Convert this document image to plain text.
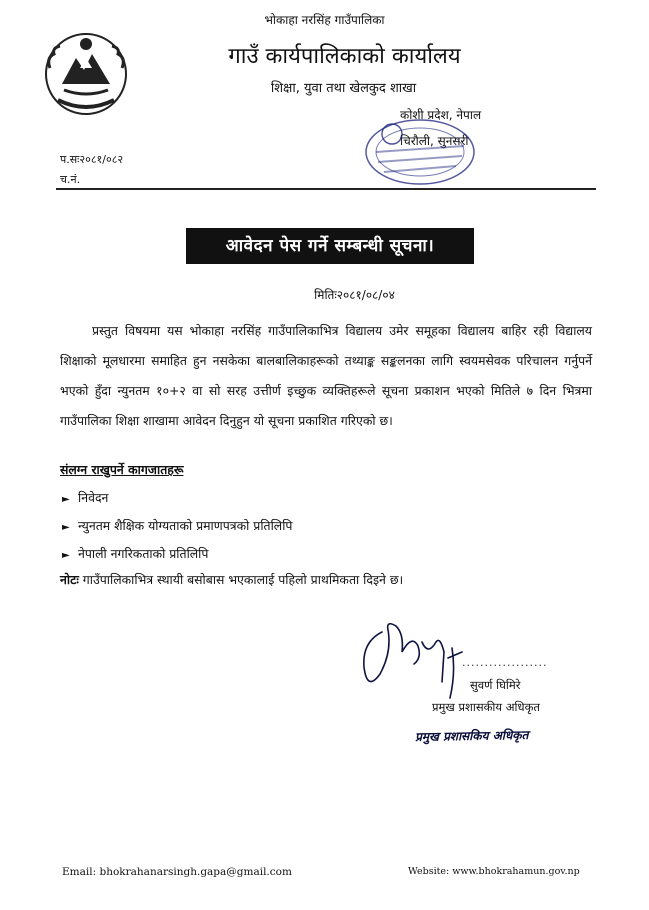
भोकाहा नरसिंह गाउँपालिका
गाउँ कार्यपालिकाको कार्यालय
शिक्षा, युवा तथा खेलकुद शाखा
कोशी प्रदेश, नेपाल
चिरौली, सुनसरी
प.सः२०८१/०८२
च.नं.
आवेदन पेस गर्ने सम्बन्धी सूचना।
मितिः२०८१/०८/०४
प्रस्तुत विषयमा यस भोकाहा नरसिंह गाउँपालिकाभित्र विद्यालय उमेर समूहका विद्यालय बाहिर रही विद्यालय शिक्षाको मूलधारमा समाहित हुन नसकेका बालबालिकाहरूको तथ्याङ्क सङ्कलनका लागि स्वयमसेवक परिचालन गर्नुपर्ने भएको हुँदा न्युनतम १०+२ वा सो सरह उत्तीर्ण इच्छुक व्यक्तिहरूले सूचना प्रकाशन भएको मितिले ७ दिन भित्रमा गाउँपालिका शिक्षा शाखामा आवेदन दिनुहुन यो सूचना प्रकाशित गरिएको छ।
संलग्न राखुपर्ने कागजातहरू
► निवेदन
► न्युनतम शैक्षिक योग्यताको प्रमाणपत्रको प्रतिलिपि
► नेपाली नगरिकताको प्रतिलिपि
नोटः गाउँपालिकाभित्र स्थायी बसोबास भएकालाई पहिलो प्राथमिकता दिइने छ।
...................
सुवर्ण घिमिरे
प्रमुख प्रशासकीय अधिकृत
प्रमुख प्रशासकिय अधिकृत
Email: bhokrahanarsingh.gapa@gmail.com	Website: www.bhokrahamun.gov.np
